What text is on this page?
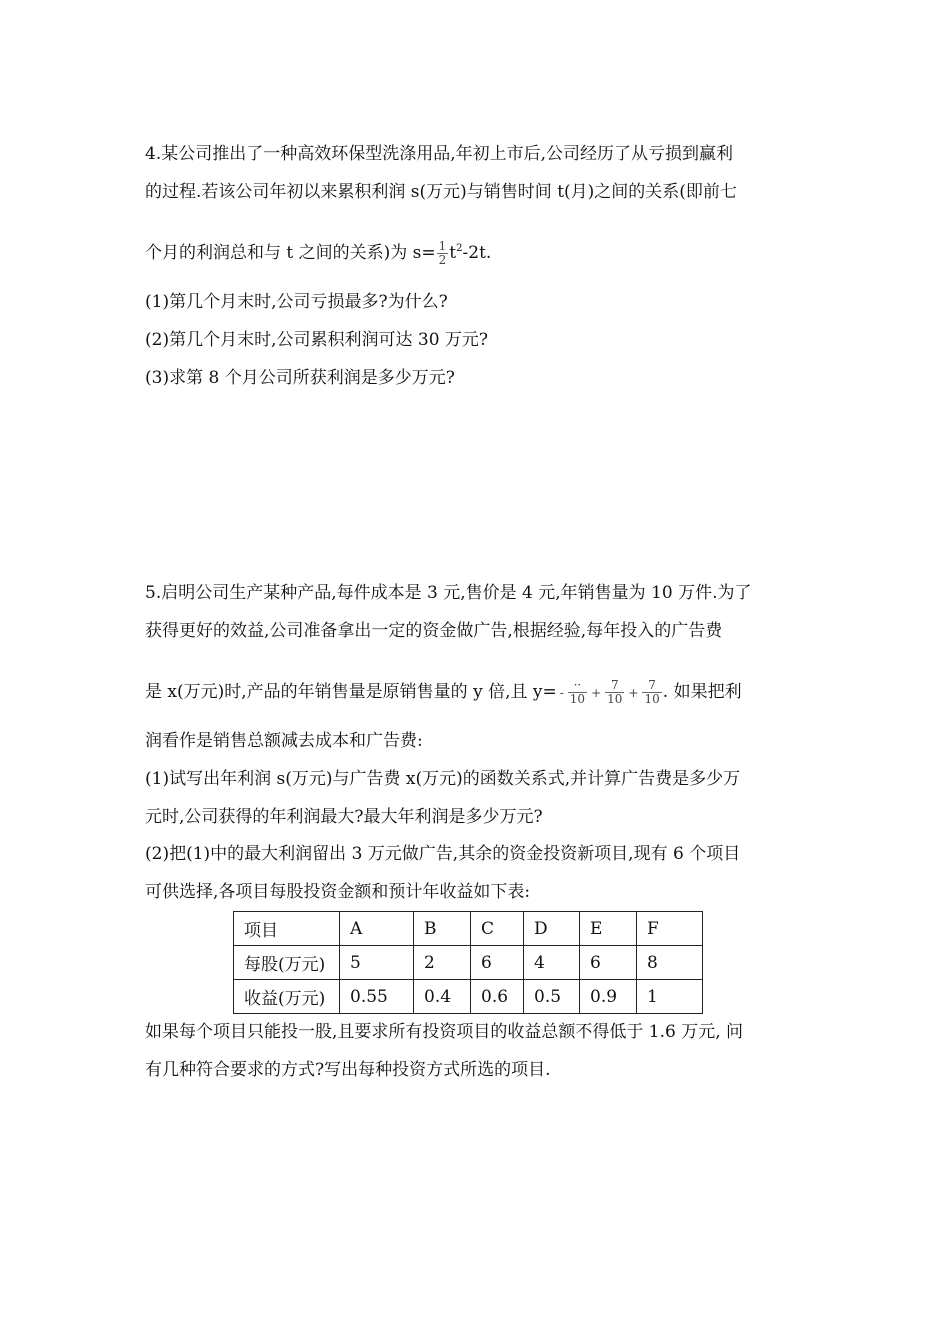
4.某公司推出了一种高效环保型洗涤用品,年初上市后,公司经历了从亏损到赢利
的过程.若该公司年初以来累积利润 s(万元)与销售时间 t(月)之间的关系(即前七
个月的利润总和与 t 之间的关系)为 $s= \frac{1}{2} t^2-2t$.
(1)第几个月末时,公司亏损最多?为什么?
(2)第几个月末时,公司累积利润可达 30 万元?
(3)求第 8 个月公司所获利润是多少万元?
5.启明公司生产某种产品,每件成本是 3 元,售价是 4 元,年销售量为 10 万件.为了
获得更好的效益,公司准备拿出一定的资金做广告,根据经验,每年投入的广告费
是 x(万元)时,产品的年销售量是原销售量的 y 倍,且 $y= - \frac{\cdot\cdot}{10} + \frac{7}{10} + \frac{7}{10}$ . 如果把利
润看作是销售总额减去成本和广告费:
(1)试写出年利润 s(万元)与广告费 x(万元)的函数关系式,并计算广告费是多少万
元时,公司获得的年利润最大?最大年利润是多少万元?
(2)把(1)中的最大利润留出 3 万元做广告,其余的资金投资新项目,现有 6 个项目
可供选择,各项目每股投资金额和预计年收益如下表:
项目	A	B	C	D	E	F
每股(万元)	5	2	6	4	6	8
收益(万元)	0.55	0.4	0.6	0.5	0.9	1
如果每个项目只能投一股,且要求所有投资项目的收益总额不得低于 1.6 万元, 问
有几种符合要求的方式?写出每种投资方式所选的项目.
